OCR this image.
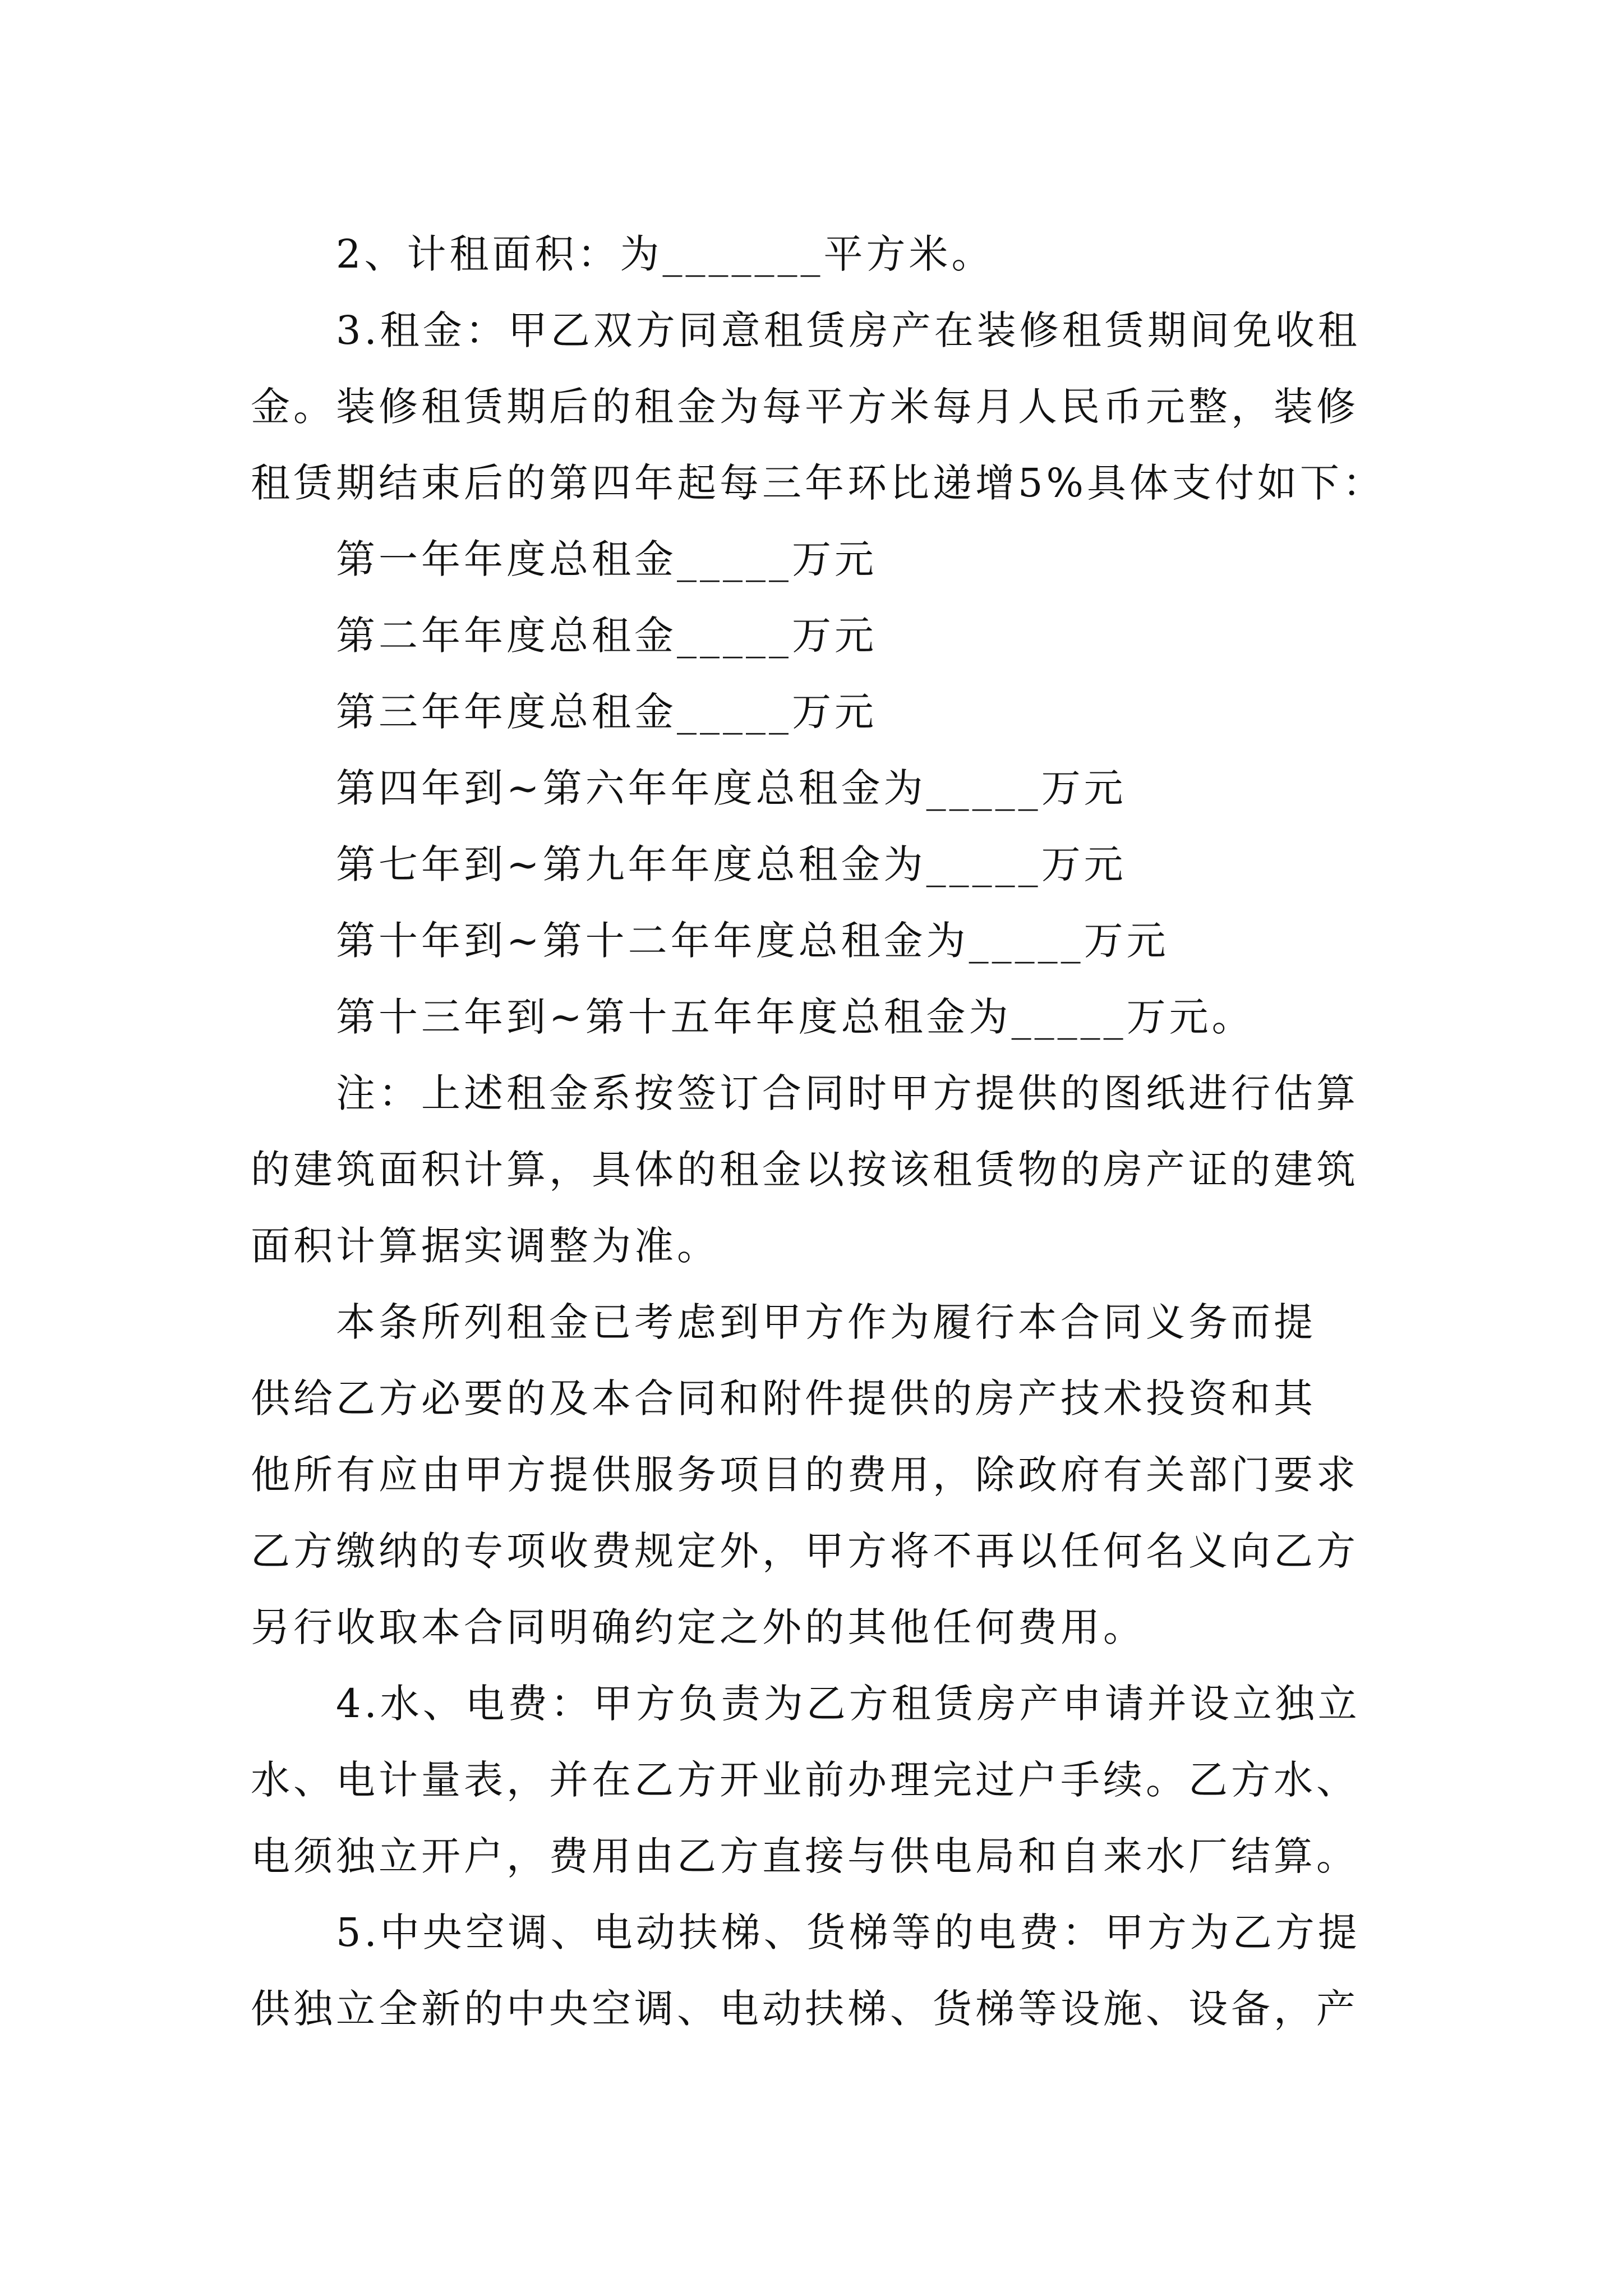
2、计租面积：为_______平方米。
3.租金：甲乙双方同意租赁房产在装修租赁期间免收租
金。装修租赁期后的租金为每平方米每月人民币元整，装修
租赁期结束后的第四年起每三年环比递增5%具体支付如下：
第一年年度总租金_____万元
第二年年度总租金_____万元
第三年年度总租金_____万元
第四年到~第六年年度总租金为_____万元
第七年到~第九年年度总租金为_____万元
第十年到~第十二年年度总租金为_____万元
第十三年到~第十五年年度总租金为_____万元。
注：上述租金系按签订合同时甲方提供的图纸进行估算
的建筑面积计算，具体的租金以按该租赁物的房产证的建筑
面积计算据实调整为准。
本条所列租金已考虑到甲方作为履行本合同义务而提
供给乙方必要的及本合同和附件提供的房产技术投资和其
他所有应由甲方提供服务项目的费用，除政府有关部门要求
乙方缴纳的专项收费规定外，甲方将不再以任何名义向乙方
另行收取本合同明确约定之外的其他任何费用。
4.水、电费：甲方负责为乙方租赁房产申请并设立独立
水、电计量表，并在乙方开业前办理完过户手续。乙方水、
电须独立开户，费用由乙方直接与供电局和自来水厂结算。
5.中央空调、电动扶梯、货梯等的电费：甲方为乙方提
供独立全新的中央空调、电动扶梯、货梯等设施、设备，产
